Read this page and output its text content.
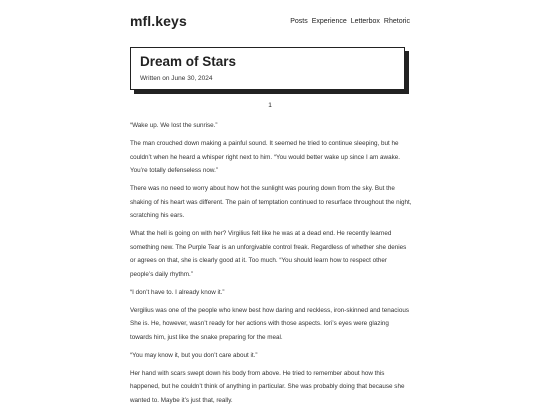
mfl.keys	Posts Experience Letterbox Rhetoric
Dream of Stars
Written on June 30, 2024
1

“Wake up. We lost the sunrise.”

The man crouched down making a painful sound. It seemed he tried to continue sleeping, but he couldn’t when he heard a whisper right next to him. “You would better wake up since I am awake. You’re totally defenseless now.”

There was no need to worry about how hot the sunlight was pouring down from the sky. But the shaking of his heart was different. The pain of temptation continued to resurface throughout the night, scratching his ears.

What the hell is going on with her? Virgilius felt like he was at a dead end. He recently learned something new. The Purple Tear is an unforgivable control freak. Regardless of whether she denies or agrees on that, she is clearly good at it. Too much. “You should learn how to respect other people’s daily rhythm.”

“I don’t have to. I already know it.”

Vergilius was one of the people who knew best how daring and reckless, iron-skinned and tenacious She is. He, however, wasn’t ready for her actions with those aspects. Iori’s eyes were glazing towards him, just like the snake preparing for the meal.

“You may know it, but you don’t care about it.”

Her hand with scars swept down his body from above. He tried to remember about how this happened, but he couldn’t think of anything in particular. She was probably doing that because she wanted to. Maybe it’s just that, really.
